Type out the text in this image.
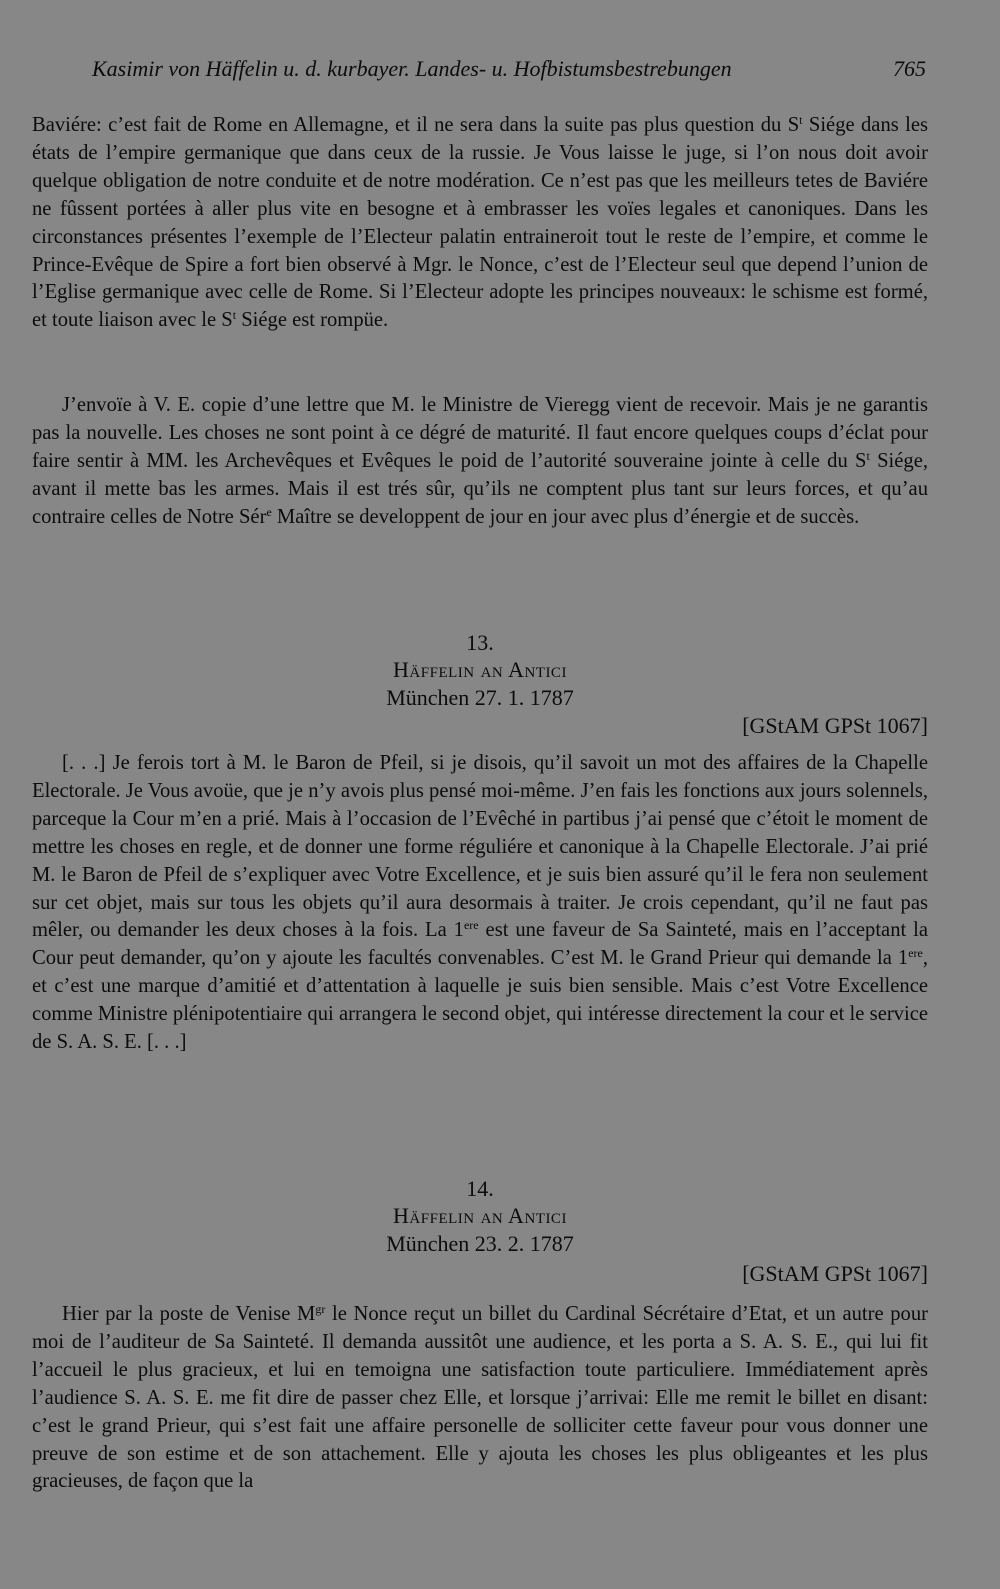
Kasimir von Häffelin u. d. kurbayer. Landes- u. Hofbistumsbestrebungen	765

Baviére: c’est fait de Rome en Allemagne, et il ne sera dans la suite pas plus question du $S^t$ Siége dans les états de l’empire germanique que dans ceux de la russie. Je Vous laisse le juge, si l’on nous doit avoir quelque obligation de notre conduite et de notre modération. Ce n’est pas que les meilleurs tetes de Baviére ne fûssent portées à aller plus vite en besogne et à embrasser les voïes legales et canoniques. Dans les circonstances présentes l’exemple de l’Electeur palatin entraineroit tout le reste de l’empire, et comme le Prince-Evêque de Spire a fort bien observé à Mgr. le Nonce, c’est de l’Electeur seul que depend l’union de l’Eglise germanique avec celle de Rome. Si l’Electeur adopte les principes nouveaux: le schisme est formé, et toute liaison avec le $S^t$ Siége est rompüe.

J’envoïe à V. E. copie d’une lettre que M. le Ministre de Vieregg vient de recevoir. Mais je ne garantis pas la nouvelle. Les choses ne sont point à ce dégré de maturité. Il faut encore quelques coups d’éclat pour faire sentir à MM. les Archevêques et Evêques le poid de l’autorité souveraine jointe à celle du $S^t$ Siége, avant il mette bas les armes. Mais il est trés sûr, qu’ils ne comptent plus tant sur leurs forces, et qu’au contraire celles de Notre Sér$^e$ Maître se developpent de jour en jour avec plus d’énergie et de succès.

13.

Häffelin an Antici

München 27. 1. 1787

[GStAM GPSt 1067]

[. . .] Je ferois tort à M. le Baron de Pfeil, si je disois, qu’il savoit un mot des affaires de la Chapelle Electorale. Je Vous avoüe, que je n’y avois plus pensé moi-même. J’en fais les fonctions aux jours solennels, parceque la Cour m’en a prié. Mais à l’occasion de l’Evêché in partibus j’ai pensé que c’étoit le moment de mettre les choses en regle, et de donner une forme réguliére et canonique à la Chapelle Electorale. J’ai prié M. le Baron de Pfeil de s’expliquer avec Votre Excellence, et je suis bien assuré qu’il le fera non seulement sur cet objet, mais sur tous les objets qu’il aura desormais à traiter. Je crois cependant, qu’il ne faut pas mêler, ou demander les deux choses à la fois. La 1ere est une faveur de Sa Sainteté, mais en l’acceptant la Cour peut demander, qu’on y ajoute les facultés convenables. C’est M. le Grand Prieur qui demande la 1ere, et c’est une marque d’amitié et d’attentation à laquelle je suis bien sensible. Mais c’est Votre Excellence comme Ministre plénipotentiaire qui arrangera le second objet, qui intéresse directement la cour et le service de S. A. S. E. [. . .]

14.

Häffelin an Antici

München 23. 2. 1787

[GStAM GPSt 1067]

Hier par la poste de Venise $M^{gr}$ le Nonce reçut un billet du Cardinal Sécrétaire d’Etat, et un autre pour moi de l’auditeur de Sa Sainteté. Il demanda aussitôt une audience, et les porta a S. A. S. E., qui lui fit l’accueil le plus gracieux, et lui en temoigna une satisfaction toute particuliere. Immédiatement après l’audience S. A. S. E. me fit dire de passer chez Elle, et lorsque j’arrivai: Elle me remit le billet en disant: c’est le grand Prieur, qui s’est fait une affaire personelle de solliciter cette faveur pour vous donner une preuve de son estime et de son attachement. Elle y ajouta les choses les plus obligeantes et les plus gracieuses, de façon que la
